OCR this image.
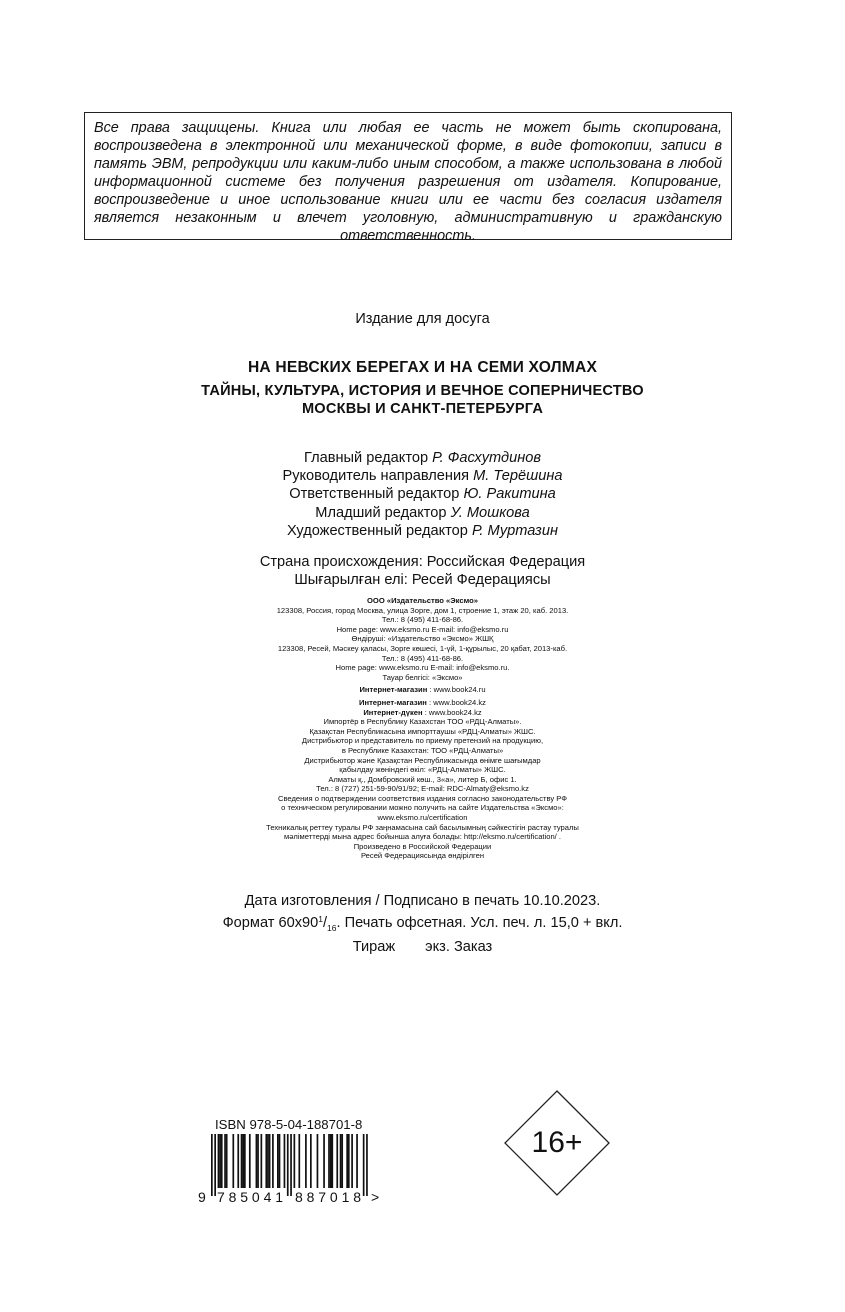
Все права защищены. Книга или любая ее часть не может быть скопирована, воспроизведена в электронной или механической форме, в виде фотокопии, записи в память ЭВМ, репродукции или каким-либо иным способом, а также использована в любой информационной системе без получения разрешения от издателя. Копирование, воспроизведение и иное использование книги или ее части без согласия издателя является незаконным и влечет уголовную, административную и гражданскую ответственность.

Издание для досуга
НА НЕВСКИХ БЕРЕГАХ И НА СЕМИ ХОЛМАХ
ТАЙНЫ, КУЛЬТУРА, ИСТОРИЯ И ВЕЧНОЕ СОПЕРНИЧЕСТВО
МОСКВЫ И САНКТ-ПЕТЕРБУРГА
Главный редактор Р. Фасхутдинов
Руководитель направления М. Терёшина
Ответственный редактор Ю. Ракитина
Младший редактор У. Мошкова
Художественный редактор Р. Муртазин
Страна происхождения: Российская Федерация
Шығарылған елі: Ресей Федерациясы
ООО «Издательство «Эксмо»
123308, Россия, город Москва, улица Зорге, дом 1, строение 1, этаж 20, каб. 2013.
Тел.: 8 (495) 411-68-86.
Home page: www.eksmo.ru E-mail: info@eksmo.ru
Өндіруші: «Издательство «Эксмо» ЖШҚ
123308, Ресей, Мәскеу қаласы, Зорге көшесі, 1-үй, 1-құрылыс, 20 қабат, 2013-каб.
Тел.: 8 (495) 411-68-86.
Home page: www.eksmo.ru E-mail: info@eksmo.ru.
Тауар белгісі: «Эксмо»
Интернет-магазин : www.book24.ru
Интернет-магазин : www.book24.kz
Интернет-дүкен : www.book24.kz
Импортёр в Республику Казахстан ТОО «РДЦ-Алматы».
Қазақстан Республикасына импорттаушы «РДЦ-Алматы» ЖШС.
Дистрибьютор и представитель по приему претензий на продукцию,
в Республике Казахстан: ТОО «РДЦ-Алматы»
Дистрибьютор және Қазақстан Республикасында өнімге шағымдар
қабылдау жөніндегі өкіл: «РДЦ-Алматы» ЖШС.
Алматы қ., Домбровский көш., 3«а», литер Б, офис 1.
Тел.: 8 (727) 251-59-90/91/92; E-mail: RDC-Almaty@eksmo.kz
Сведения о подтверждении соответствия издания согласно законодательству РФ
о техническом регулировании можно получить на сайте Издательства «Эксмо»:
www.eksmo.ru/certification
Техникалық реттеу туралы РФ заңнамасына сай басылымның сәйкестігін растау туралы
мәліметтерді мына адрес бойынша алуға болады: http://eksmo.ru/certification/ .
Произведено в Российской Федерации
Ресей Федерациясында өндірілген
Дата изготовления / Подписано в печать 10.10.2023.
Формат $60x90^1/_{16}$. Печать офсетная. Усл. печ. л. 15,0 + вкл.
Тираж экз. Заказ
ISBN 978-5-04-188701-8
9 785041 887018 >
16+
